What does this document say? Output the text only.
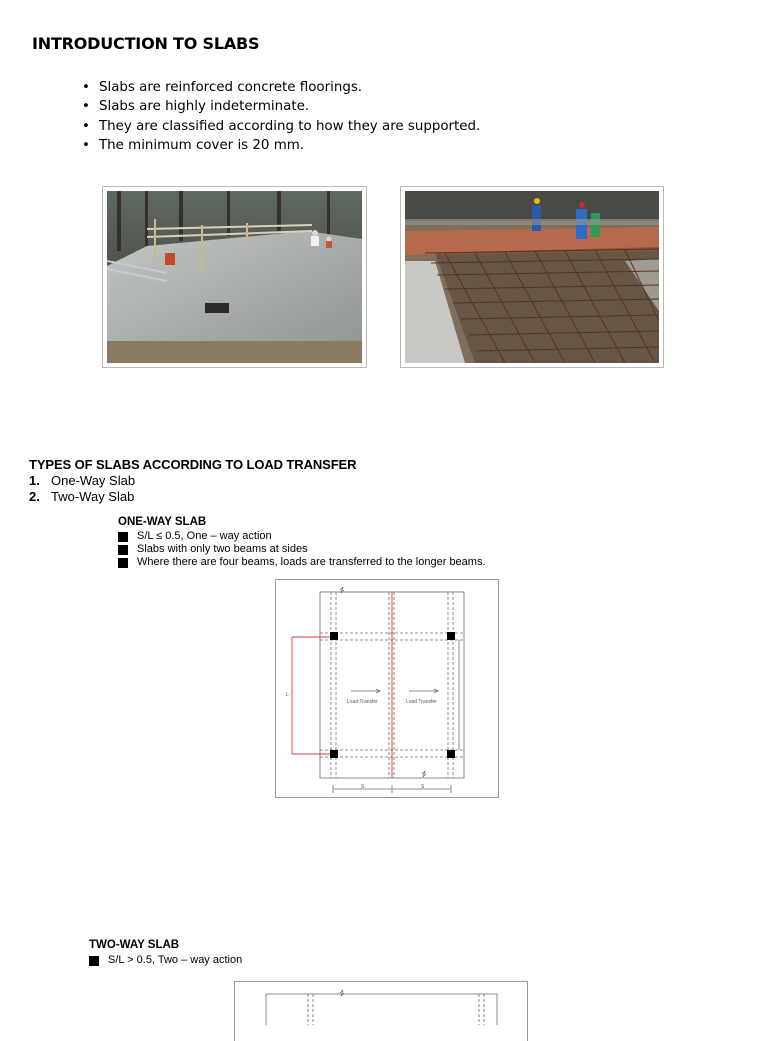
INTRODUCTION TO SLABS
• Slabs are reinforced concrete floorings.
• Slabs are highly indeterminate.
• They are classified according to how they are supported.
• The minimum cover is 20 mm.
TYPES OF SLABS ACCORDING TO LOAD TRANSFER
1. One-Way Slab
2. Two-Way Slab
ONE-WAY SLAB
S/L ≤ 0.5, One – way action
Slabs with only two beams at sides
Where there are four beams, loads are transferred to the longer beams.
Load Transfer	Load Transfer
L
S	S
TWO-WAY SLAB
S/L > 0.5, Two – way action
